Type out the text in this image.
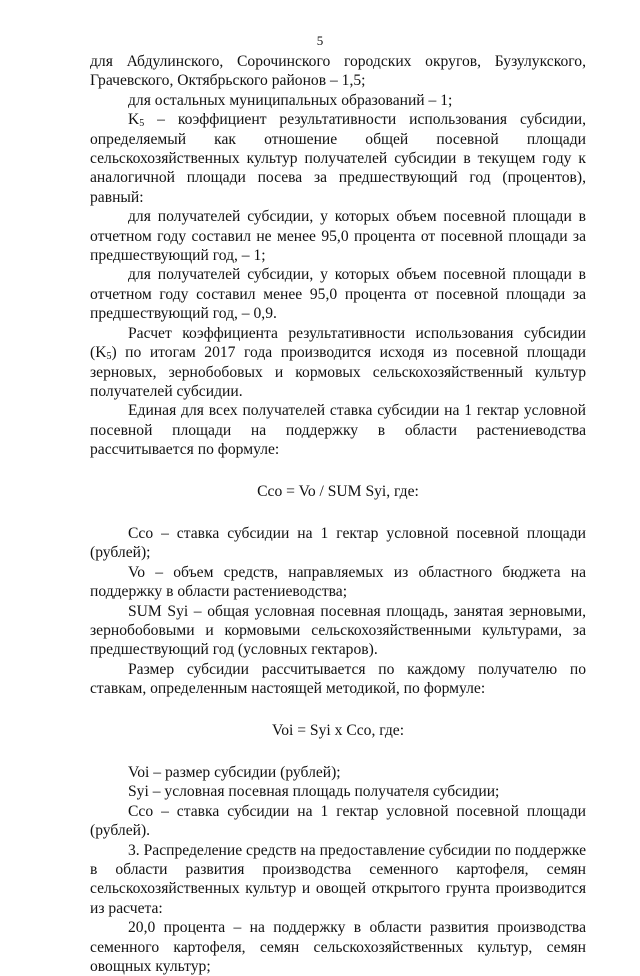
5

для Абдулинского, Сорочинского городских округов, Бузулукского, Грачевского, Октябрьского районов – 1,5;

для остальных муниципальных образований – 1;

$K_5$ – коэффициент результативности использования субсидии, определяемый как отношение общей посевной площади сельскохозяйственных культур получателей субсидии в текущем году к аналогичной площади посева за предшествующий год (процентов), равный:

для получателей субсидии, у которых объем посевной площади в отчетном году составил не менее 95,0 процента от посевной площади за предшествующий год, – 1;

для получателей субсидии, у которых объем посевной площади в отчетном году составил менее 95,0 процента от посевной площади за предшествующий год, – 0,9.

Расчет коэффициента результативности использования субсидии $(K_5)$ по итогам 2017 года производится исходя из посевной площади зерновых, зернобобовых и кормовых сельскохозяйственный культур получателей субсидии.

Единая для всех получателей ставка субсидии на 1 гектар условной посевной площади на поддержку в области растениеводства рассчитывается по формуле:

Cco = Vo / SUM Syi, где:

Cco – ставка субсидии на 1 гектар условной посевной площади (рублей);

Vo – объем средств, направляемых из областного бюджета на поддержку в области растениеводства;

SUM Syi – общая условная посевная площадь, занятая зерновыми, зернобобовыми и кормовыми сельскохозяйственными культурами, за предшествующий год (условных гектаров).

Размер субсидии рассчитывается по каждому получателю по ставкам, определенным настоящей методикой, по формуле:

Voi = Syi x Cco, где:

Voi – размер субсидии (рублей);

Syi – условная посевная площадь получателя субсидии;

Cco – ставка субсидии на 1 гектар условной посевной площади (рублей).

3. Распределение средств на предоставление субсидии по поддержке в области развития производства семенного картофеля, семян сельскохозяйственных культур и овощей открытого грунта производится из расчета:

20,0 процента – на поддержку в области развития производства семенного картофеля, семян сельскохозяйственных культур, семян овощных культур;
